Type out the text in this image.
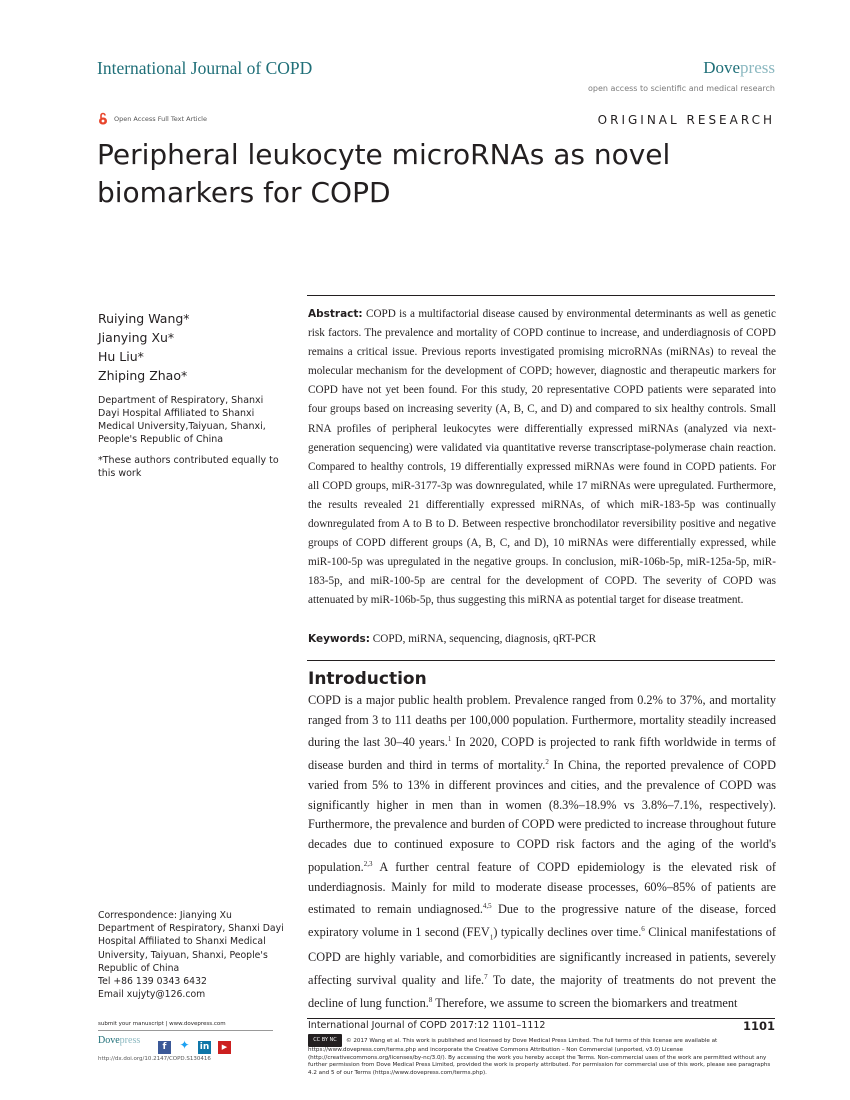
International Journal of COPD	Dovepress
open access to scientific and medical research
Open Access Full Text Article	ORIGINAL RESEARCH
Peripheral leukocyte microRNAs as novel biomarkers for COPD
Ruiying Wang*
Jianying Xu*
Hu Liu*
Zhiping Zhao*
Department of Respiratory, Shanxi Dayi Hospital Affiliated to Shanxi Medical University,Taiyuan, Shanxi, People's Republic of China
*These authors contributed equally to this work
Correspondence: Jianying Xu
Department of Respiratory, Shanxi Dayi
Hospital Affiliated to Shanxi Medical
University, Taiyuan, Shanxi, People's
Republic of China
Tel +86 139 0343 6432
Email xujyty@126.com
Abstract: COPD is a multifactorial disease caused by environmental determinants as well as genetic risk factors. The prevalence and mortality of COPD continue to increase, and underdiagnosis of COPD remains a critical issue. Previous reports investigated promising microRNAs (miRNAs) to reveal the molecular mechanism for the development of COPD; however, diagnostic and therapeutic markers for COPD have not yet been found. For this study, 20 representative COPD patients were separated into four groups based on increasing severity (A, B, C, and D) and compared to six healthy controls. Small RNA profiles of peripheral leukocytes were differentially expressed miRNAs (analyzed via next-generation sequencing) were validated via quantitative reverse transcriptase-polymerase chain reaction. Compared to healthy controls, 19 differentially expressed miRNAs were found in COPD patients. For all COPD groups, miR-3177-3p was downregulated, while 17 miRNAs were upregulated. Furthermore, the results revealed 21 differentially expressed miRNAs, of which miR-183-5p was continually downregulated from A to B to D. Between respective bronchodilator reversibility positive and negative groups of COPD different groups (A, B, C, and D), 10 miRNAs were differentially expressed, while miR-100-5p was upregulated in the negative groups. In conclusion, miR-106b-5p, miR-125a-5p, miR-183-5p, and miR-100-5p are central for the development of COPD. The severity of COPD was attenuated by miR-106b-5p, thus suggesting this miRNA as potential target for disease treatment.
Keywords: COPD, miRNA, sequencing, diagnosis, qRT-PCR
Introduction
COPD is a major public health problem. Prevalence ranged from 0.2% to 37%, and mortality ranged from 3 to 111 deaths per 100,000 population. Furthermore, mortality steadily increased during the last 30–40 years.$^1$ In 2020, COPD is projected to rank fifth worldwide in terms of disease burden and third in terms of mortality.$^2$ In China, the reported prevalence of COPD varied from 5% to 13% in different provinces and cities, and the prevalence of COPD was significantly higher in men than in women (8.3%–18.9% vs 3.8%–7.1%, respectively). Furthermore, the prevalence and burden of COPD were predicted to increase throughout future decades due to continued exposure to COPD risk factors and the aging of the world's population.$^{2,3}$ A further central feature of COPD epidemiology is the elevated risk of underdiagnosis. Mainly for mild to moderate disease processes, 60%–85% of patients are estimated to remain undiagnosed.$^{4,5}$ Due to the progressive nature of the disease, forced expiratory volume in 1 second $(FEV_1)$ typically declines over time.$^6$ Clinical manifestations of COPD are highly variable, and comorbidities are significantly increased in patients, severely affecting survival quality and life.$^7$ To date, the majority of treatments do not prevent the decline of lung function.$^8$ Therefore, we assume to screen the biomarkers and treatment
submit your manuscript | www.dovepress.com
Dovepress
f ✦ in ▶
http://dx.doi.org/10.2147/COPD.S130416
International Journal of COPD 2017:12 1101–1112	1101
CC BY NC © 2017 Wang et al. This work is published and licensed by Dove Medical Press Limited. The full terms of this license are available at https://www.dovepress.com/terms.php and incorporate the Creative Commons Attribution – Non Commercial (unported, v3.0) License (http://creativecommons.org/licenses/by-nc/3.0/). By accessing the work you hereby accept the Terms. Non-commercial uses of the work are permitted without any further permission from Dove Medical Press Limited, provided the work is properly attributed. For permission for commercial use of this work, please see paragraphs 4.2 and 5 of our Terms (https://www.dovepress.com/terms.php).
